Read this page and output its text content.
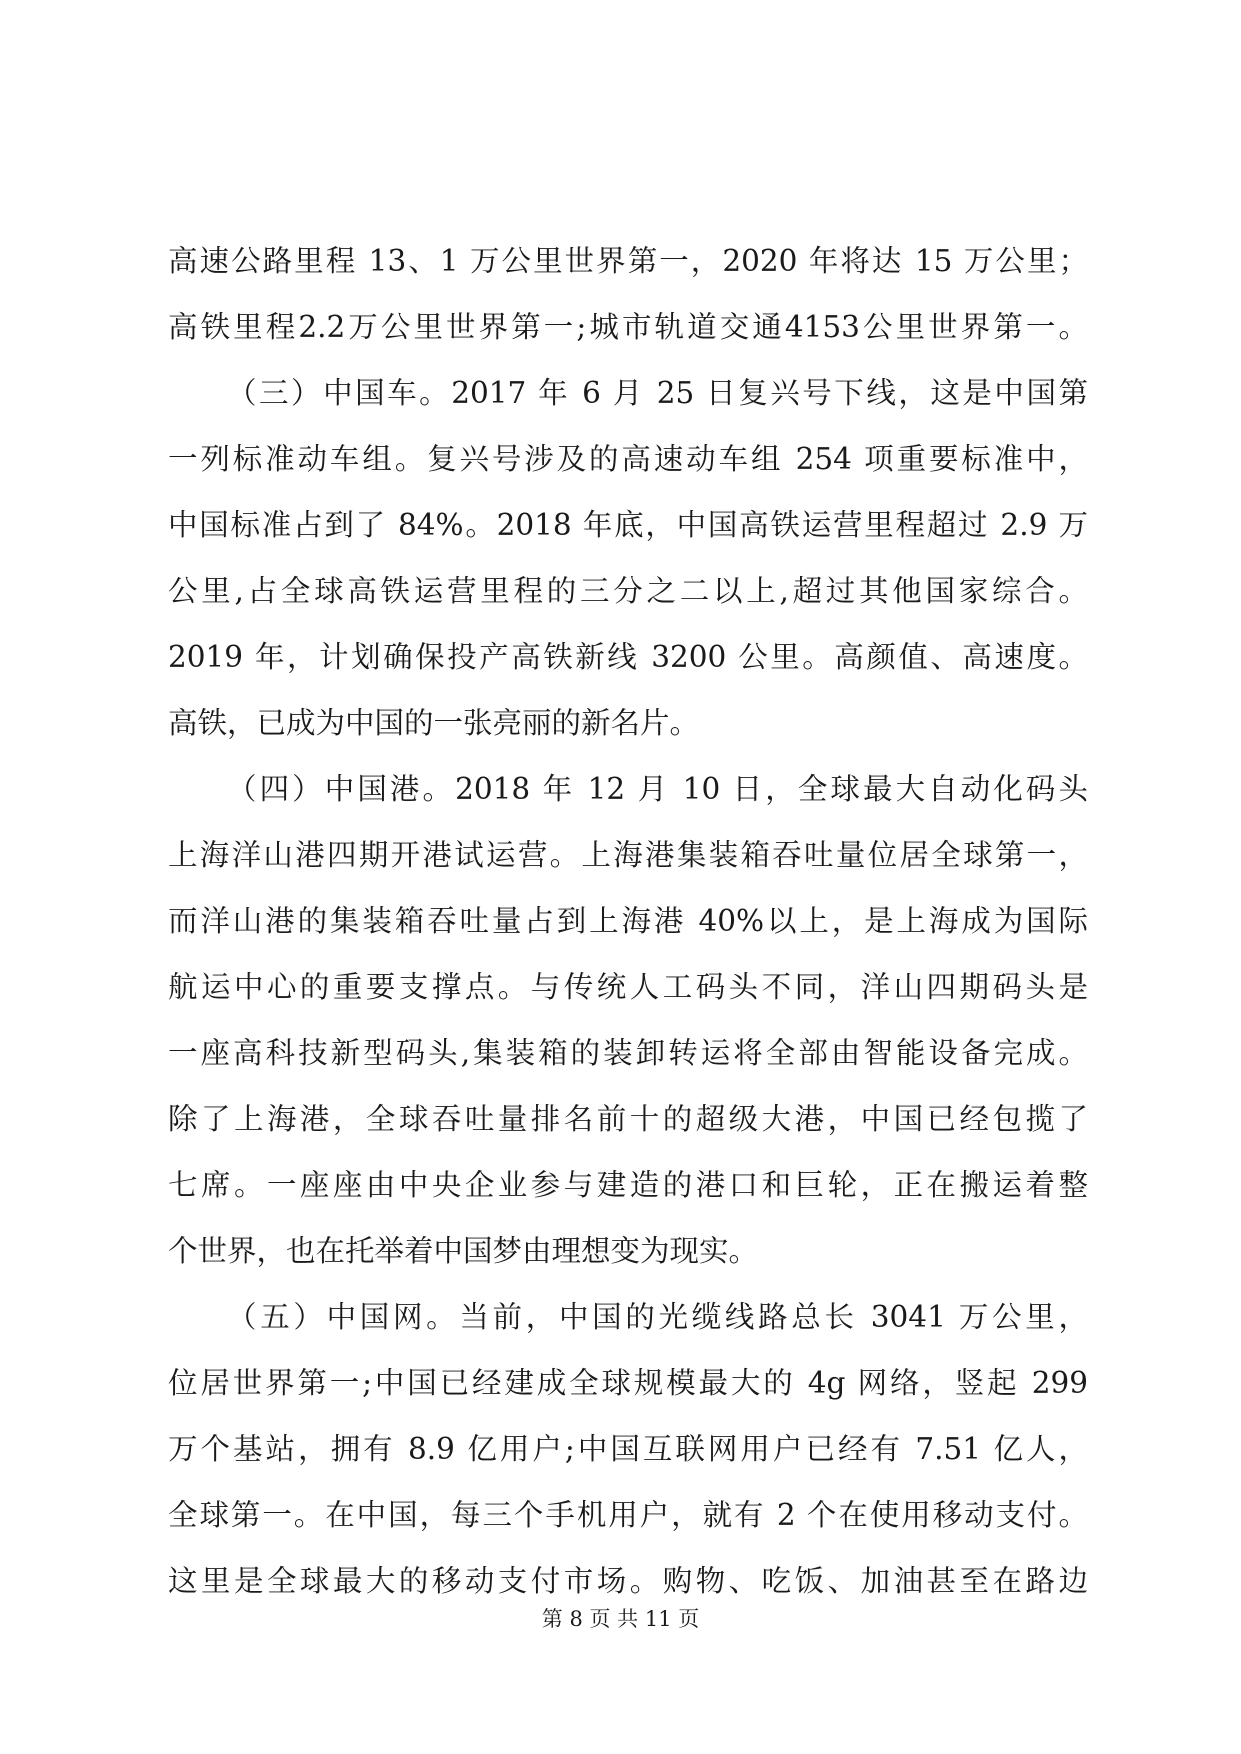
高速公路里程 13、1 万公里世界第一，2020 年将达 15 万公里；
高铁里程2.2万公里世界第一;城市轨道交通4153公里世界第一。
（三）中国车。2017 年 6 月 25 日复兴号下线，这是中国第
一列标准动车组。复兴号涉及的高速动车组 254 项重要标准中，
中国标准占到了 84%。2018 年底，中国高铁运营里程超过 2.9 万
公里,占全球高铁运营里程的三分之二以上,超过其他国家综合。
2019 年，计划确保投产高铁新线 3200 公里。高颜值、高速度。
高铁，已成为中国的一张亮丽的新名片。
（四）中国港。2018 年 12 月 10 日，全球最大自动化码头
上海洋山港四期开港试运营。上海港集装箱吞吐量位居全球第一，
而洋山港的集装箱吞吐量占到上海港 40%以上，是上海成为国际
航运中心的重要支撑点。与传统人工码头不同，洋山四期码头是
一座高科技新型码头,集装箱的装卸转运将全部由智能设备完成。
除了上海港，全球吞吐量排名前十的超级大港，中国已经包揽了
七席。一座座由中央企业参与建造的港口和巨轮，正在搬运着整
个世界，也在托举着中国梦由理想变为现实。
（五）中国网。当前，中国的光缆线路总长 3041 万公里，
位居世界第一;中国已经建成全球规模最大的 4g 网络，竖起 299
万个基站，拥有 8.9 亿用户;中国互联网用户已经有 7.51 亿人，
全球第一。在中国，每三个手机用户，就有 2 个在使用移动支付。
这里是全球最大的移动支付市场。购物、吃饭、加油甚至在路边
第 8 页 共 11 页
